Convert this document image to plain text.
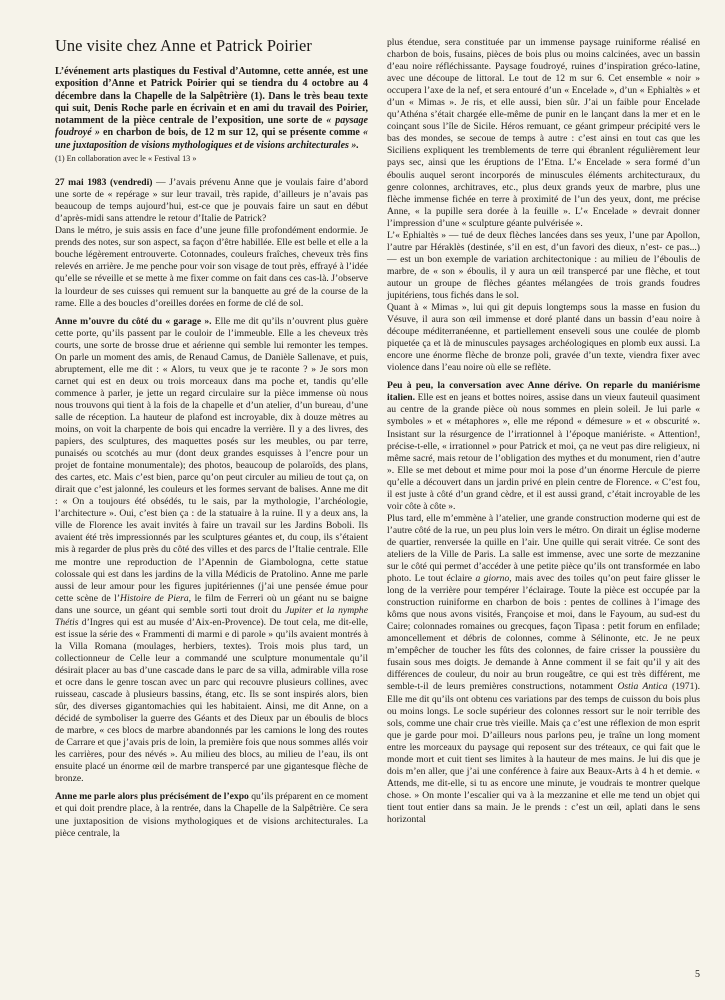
Une visite chez Anne et Patrick Poirier
L’événement arts plastiques du Festival d’Automne, cette année, est une exposition d’Anne et Patrick Poirier qui se tiendra du 4 octobre au 4 décembre dans la Chapelle de la Salpêtrière (1). Dans le très beau texte qui suit, Denis Roche parle en écrivain et en ami du travail des Poirier, notamment de la pièce centrale de l’exposition, une sorte de « paysage foudroyé » en charbon de bois, de 12 m sur 12, qui se présente comme « une juxtaposition de visions mythologiques et de visions architecturales ».
(1) En collaboration avec le « Festival 13 »

27 mai 1983 (vendredi) — J’avais prévenu Anne que je voulais faire d’abord une sorte de « repérage » sur leur travail, très rapide, d’ailleurs je n’avais pas beaucoup de temps aujourd’hui, est-ce que je pouvais faire un saut en début d’après-midi sans attendre le retour d’Italie de Patrick?

Dans le métro, je suis assis en face d’une jeune fille profondément endormie. Je prends des notes, sur son aspect, sa façon d’être habillée. Elle est belle et elle a la bouche légèrement entrouverte. Cotonnades, couleurs fraîches, cheveux très fins relevés en arrière. Je me penche pour voir son visage de tout près, effrayé à l’idée qu’elle se réveille et se mette à me fixer comme on fait dans ces cas-là. J’observe la lourdeur de ses cuisses qui remuent sur la banquette au gré de la course de la rame. Elle a des boucles d’oreilles dorées en forme de clé de sol.

Anne m’ouvre du côté du « garage ». Elle me dit qu’ils n’ouvrent plus guère cette porte, qu’ils passent par le couloir de l’immeuble. Elle a les cheveux très courts, une sorte de brosse drue et aérienne qui semble lui remonter les tempes. On parle un moment des amis, de Renaud Camus, de Danièle Sallenave, et puis, abruptement, elle me dit : « Alors, tu veux que je te raconte ? » Je sors mon carnet qui est en deux ou trois morceaux dans ma poche et, tandis qu’elle commence à parler, je jette un regard circulaire sur la pièce immense où nous nous trouvons qui tient à la fois de la chapelle et d’un atelier, d’un bureau, d’une salle de réception. La hauteur de plafond est incroyable, dix à douze mètres au moins, on voit la charpente de bois qui encadre la verrière. Il y a des livres, des papiers, des sculptures, des maquettes posés sur les meubles, ou par terre, punaisés ou scotchés au mur (dont deux grandes esquisses à l’encre pour un projet de fontaine monumentale); des photos, beaucoup de polaroïds, des plans, des cartes, etc. Mais c’est bien, parce qu’on peut circuler au milieu de tout ça, on dirait que c’est jalonné, les couleurs et les formes servant de balises. Anne me dit : « On a toujours été obsédés, tu le sais, par la mythologie, l’archéologie, l’architecture ». Oui, c’est bien ça : de la statuaire à la ruine. Il y a deux ans, la ville de Florence les avait invités à faire un travail sur les Jardins Boboli. Ils avaient été très impressionnés par les sculptures géantes et, du coup, ils s’étaient mis à regarder de plus près du côté des villes et des parcs de l’Italie centrale. Elle me montre une reproduction de l’Apennin de Giambologna, cette statue colossale qui est dans les jardins de la villa Médicis de Pratolino. Anne me parle aussi de leur amour pour les figures jupitériennes (j’ai une pensée émue pour cette scène de l’Histoire de Piera, le film de Ferreri où un géant nu se baigne dans une source, un géant qui semble sorti tout droit du Jupiter et la nymphe Thétis d’Ingres qui est au musée d’Aix-en-Provence). De tout cela, me dit-elle, est issue la série des « Frammenti di marmi e di parole » qu’ils avaient montrés à la Villa Romana (moulages, herbiers, textes). Trois mois plus tard, un collectionneur de Celle leur a commandé une sculpture monumentale qu’il désirait placer au bas d’une cascade dans le parc de sa villa, admirable villa rose et ocre dans le genre toscan avec un parc qui recouvre plusieurs collines, avec ruisseau, cascade à plusieurs bassins, étang, etc. Ils se sont inspirés alors, bien sûr, des diverses gigantomachies qui les habitaient. Ainsi, me dit Anne, on a décidé de symboliser la guerre des Géants et des Dieux par un éboulis de blocs de marbre, « ces blocs de marbre abandonnés par les camions le long des routes de Carrare et que j’avais pris de loin, la première fois que nous sommes allés voir les carrières, pour des névés ». Au milieu des blocs, au milieu de l’eau, ils ont ensuite placé un énorme œil de marbre transpercé par une gigantesque flèche de bronze.

Anne me parle alors plus précisément de l’expo qu’ils préparent en ce moment et qui doit prendre place, à la rentrée, dans la Chapelle de la Salpêtrière. Ce sera une juxtaposition de visions mythologiques et de visions architecturales. La pièce centrale, la

plus étendue, sera constituée par un immense paysage ruiniforme réalisé en charbon de bois, fusains, pièces de bois plus ou moins calcinées, avec un bassin d’eau noire réfléchissante. Paysage foudroyé, ruines d’inspiration gréco-latine, avec une découpe de littoral. Le tout de 12 m sur 6. Cet ensemble « noir » occupera l’axe de la nef, et sera entouré d’un « Encelade », d’un « Ephialtès » et d’un « Mimas ». Je ris, et elle aussi, bien sûr. J’ai un faible pour Encelade qu’Athéna s’était chargée elle-même de punir en le lançant dans la mer et en le coinçant sous l’île de Sicile. Héros remuant, ce géant grimpeur précipité vers le bas des mondes, se secoue de temps à autre : c’est ainsi en tout cas que les Siciliens expliquent les tremblements de terre qui ébranlent régulièrement leur pays sec, ainsi que les éruptions de l’Etna. L’« Encelade » sera formé d’un éboulis auquel seront incorporés de minuscules éléments architecturaux, du genre colonnes, architraves, etc., plus deux grands yeux de marbre, plus une flèche immense fichée en terre à proximité de l’un des yeux, dont, me précise Anne, « la pupille sera dorée à la feuille ». L’« Encelade » devrait donner l’impression d’une « sculpture géante pulvérisée ».

L’« Ephialtès » — tué de deux flèches lancées dans ses yeux, l’une par Apollon, l’autre par Héraklès (destinée, s’il en est, d’un favori des dieux, n’est- ce pas...) — est un bon exemple de variation architectonique : au milieu de l’éboulis de marbre, de « son » éboulis, il y aura un œil transpercé par une flèche, et tout autour un groupe de flèches géantes mélangées de trois grands foudres jupitériens, tous fichés dans le sol.

Quant à « Mimas », lui qui git depuis longtemps sous la masse en fusion du Vésuve, il aura son œil immense et doré planté dans un bassin d’eau noire à découpe méditerranéenne, et partiellement enseveli sous une coulée de plomb piquetée ça et là de minuscules paysages archéologiques en plomb eux aussi. La encore une énorme flèche de bronze poli, gravée d’un texte, viendra fixer avec violence dans l’eau noire où elle se reflète.

Peu à peu, la conversation avec Anne dérive. On reparle du maniérisme italien. Elle est en jeans et bottes noires, assise dans un vieux fauteuil quasiment au centre de la grande pièce où nous sommes en plein soleil. Je lui parle « symboles » et « métaphores », elle me répond « démesure » et « obscurité ». Insistant sur la résurgence de l’irrationnel à l’époque maniériste. « Attention!, précise-t-elle, « irrationnel » pour Patrick et moi, ça ne veut pas dire religieux, ni même sacré, mais retour de l’obligation des mythes et du monument, rien d’autre ». Elle se met debout et mime pour moi la pose d’un énorme Hercule de pierre qu’elle a découvert dans un jardin privé en plein centre de Florence. « C’est fou, il est juste à côté d’un grand cèdre, et il est aussi grand, c’était incroyable de les voir côte à côte ».

Plus tard, elle m’emmène à l’atelier, une grande construction moderne qui est de l’autre côté de la rue, un peu plus loin vers le métro. On dirait un église moderne de quartier, renversée la quille en l’air. Une quille qui serait vitrée. Ce sont des ateliers de la Ville de Paris. La salle est immense, avec une sorte de mezzanine sur le côté qui permet d’accéder à une petite pièce qu’ils ont transformée en labo photo. Le tout éclaire a giorno, mais avec des toiles qu’on peut faire glisser le long de la verrière pour tempérer l’éclairage. Toute la pièce est occupée par la construction ruiniforme en charbon de bois : pentes de collines à l’image des kôms que nous avons visités, Françoise et moi, dans le Fayoum, au sud-est du Caire; colonnades romaines ou grecques, façon Tipasa : petit forum en enfilade; amoncellement et débris de colonnes, comme à Sélinonte, etc. Je ne peux m’empêcher de toucher les fûts des colonnes, de faire crisser la poussière du fusain sous mes doigts. Je demande à Anne comment il se fait qu’il y ait des différences de couleur, du noir au brun rougeâtre, ce qui est très différent, me semble-t-il de leurs premières constructions, notamment Ostia Antica (1971). Elle me dit qu’ils ont obtenu ces variations par des temps de cuisson du bois plus ou moins longs. Le socle supérieur des colonnes ressort sur le noir terrible des sols, comme une chair crue très vieille. Mais ça c’est une réflexion de mon esprit que je garde pour moi. D’ailleurs nous parlons peu, je traîne un long moment entre les morceaux du paysage qui reposent sur des tréteaux, ce qui fait que le monde mort et cuit tient ses limites à la hauteur de mes mains. Je lui dis que je dois m’en aller, que j’ai une conférence à faire aux Beaux-Arts à 4 h et demie. « Attends, me dit-elle, si tu as encore une minute, je voudrais te montrer quelque chose. » On monte l’escalier qui va à la mezzanine et elle me tend un objet qui tient tout entier dans sa main. Je le prends : c’est un œil, aplati dans le sens horizontal

5
